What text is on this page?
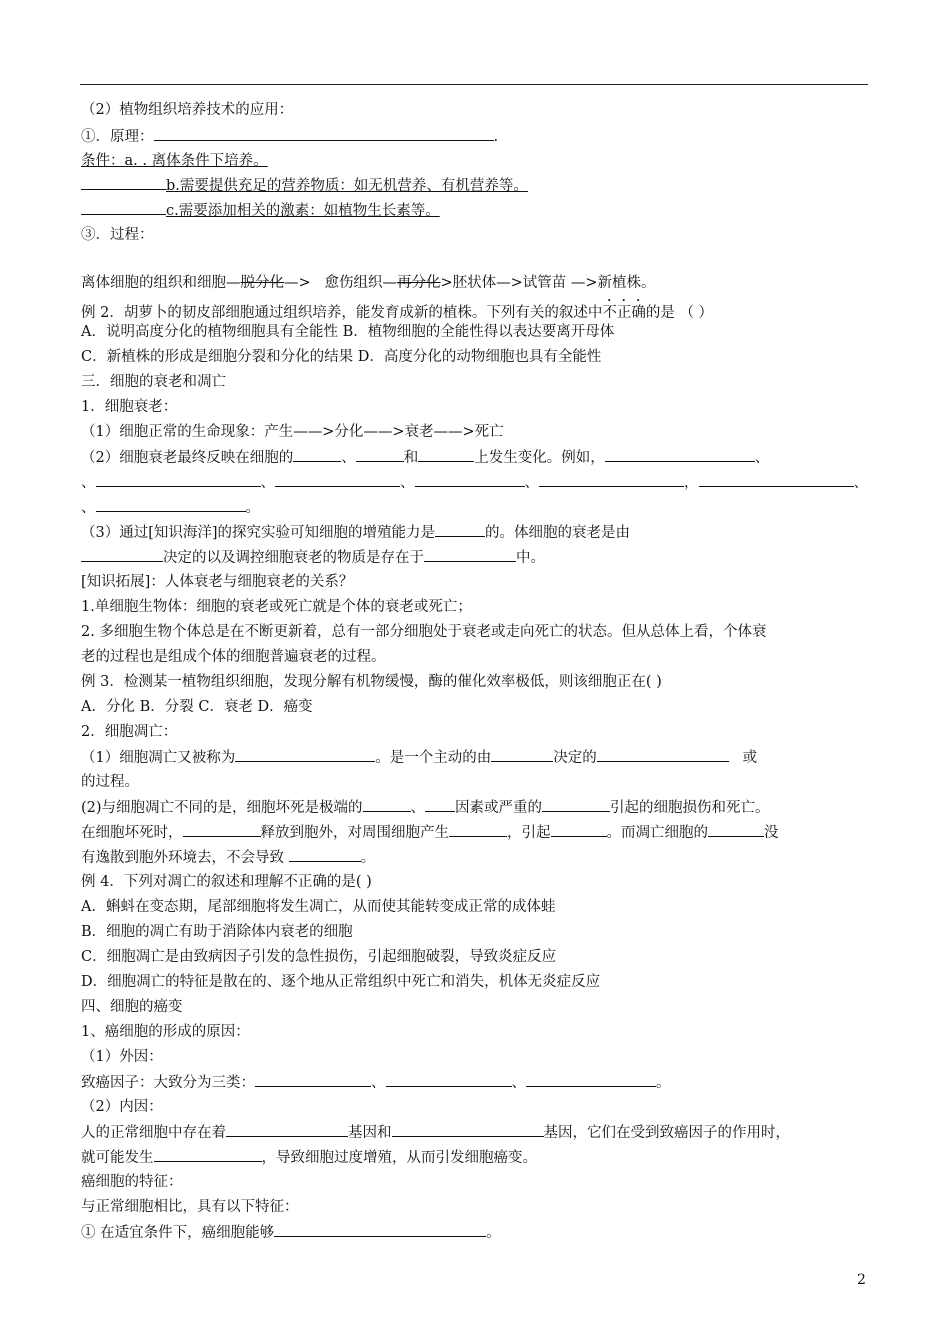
（2）植物组织培养技术的应用：
①．原理：	.
条件：a. . 离体条件下培养。
b.需要提供充足的营养物质：如无机营养、有机营养等。
c.需要添加相关的激素：如植物生长素等。
③．过程：
离体细胞的组织和细胞—脱分化—>   愈伤组织—再分化>胚状体—>试管苗 —>新植株。
例 2．胡萝卜的韧皮部细胞通过组织培养，能发育成新的植株。下列有关的叙述中不正确的是 （ ）
A．说明高度分化的植物细胞具有全能性 B．植物细胞的全能性得以表达要离开母体
C．新植株的形成是细胞分裂和分化的结果 D．高度分化的动物细胞也具有全能性
三．细胞的衰老和凋亡
1．细胞衰老：
（1）细胞正常的生命现象：产生——>分化——>衰老——>死亡
（2）细胞衰老最终反映在细胞的	、	和	上发生变化。例如，	、
、	、	、	、	，	、
、	。
（3）通过[知识海洋]的探究实验可知细胞的增殖能力是	的。体细胞的衰老是由
决定的以及调控细胞衰老的物质是存在于	中。
[知识拓展]：人体衰老与细胞衰老的关系？
1.单细胞生物体：细胞的衰老或死亡就是个体的衰老或死亡；
2. 多细胞生物个体总是在不断更新着，总有一部分细胞处于衰老或走向死亡的状态。但从总体上看，个体衰
老的过程也是组成个体的细胞普遍衰老的过程。
例 3．检测某一植物组织细胞，发现分解有机物缓慢，酶的催化效率极低，则该细胞正在( )
A．分化 B．分裂 C．衰老 D．癌变
2．细胞凋亡：
（1）细胞凋亡又被称为	。是一个主动的由	决定的	或
的过程。
(2)与细胞凋亡不同的是，细胞坏死是极端的	、 因素或严重的	引起的细胞损伤和死亡。
在细胞坏死时，	释放到胞外，对周围细胞产生	，引起	。而凋亡细胞的	没
有逸散到胞外环境去，不会导致	。
例 4．下列对凋亡的叙述和理解不正确的是( )
A．蝌蚪在变态期，尾部细胞将发生凋亡，从而使其能转变成正常的成体蛙
B．细胞的凋亡有助于消除体内衰老的细胞
C．细胞凋亡是由致病因子引发的急性损伤，引起细胞破裂，导致炎症反应
D．细胞凋亡的特征是散在的、逐个地从正常组织中死亡和消失，机体无炎症反应
四、细胞的癌变
1、癌细胞的形成的原因：
（1）外因：
致癌因子：大致分为三类：	、	、	。
（2）内因：
人的正常细胞中存在着	基因和	基因，它们在受到致癌因子的作用时，
就可能发生	，导致细胞过度增殖，从而引发细胞癌变。
癌细胞的特征：
与正常细胞相比，具有以下特征：
① 在适宜条件下，癌细胞能够	。
2
